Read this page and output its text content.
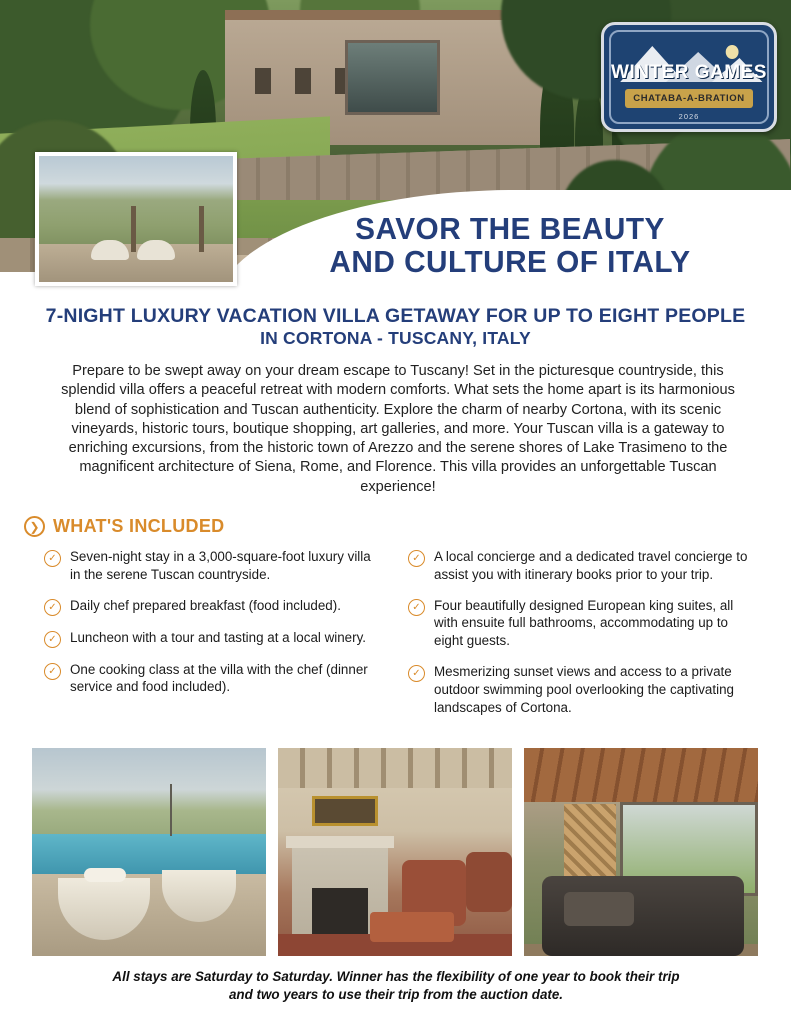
WINTER GAMES
CHATABA-A-BRATION
2026
SAVOR THE BEAUTY
AND CULTURE OF ITALY
7-NIGHT LUXURY VACATION VILLA GETAWAY FOR UP TO EIGHT PEOPLE
IN CORTONA - TUSCANY, ITALY
Prepare to be swept away on your dream escape to Tuscany! Set in the picturesque countryside, this splendid villa offers a peaceful retreat with modern comforts. What sets the home apart is its harmonious blend of sophistication and Tuscan authenticity. Explore the charm of nearby Cortona, with its scenic vineyards, historic tours, boutique shopping, art galleries, and more. Your Tuscan villa is a gateway to enriching excursions, from the historic town of Arezzo and the serene shores of Lake Trasimeno to the magnificent architecture of Siena, Rome, and Florence. This villa provides an unforgettable Tuscan experience!
❯ WHAT'S INCLUDED
✓ Seven-night stay in a 3,000-square-foot luxury villa in the serene Tuscan countryside.
✓ Daily chef prepared breakfast (food included).
✓ Luncheon with a tour and tasting at a local winery.
✓ One cooking class at the villa with the chef (dinner service and food included).
✓ A local concierge and a dedicated travel concierge to assist you with itinerary books prior to your trip.
✓ Four beautifully designed European king suites, all with ensuite full bathrooms, accommodating up to eight guests.
✓ Mesmerizing sunset views and access to a private outdoor swimming pool overlooking the captivating landscapes of Cortona.
All stays are Saturday to Saturday. Winner has the flexibility of one year to book their trip
and two years to use their trip from the auction date.
